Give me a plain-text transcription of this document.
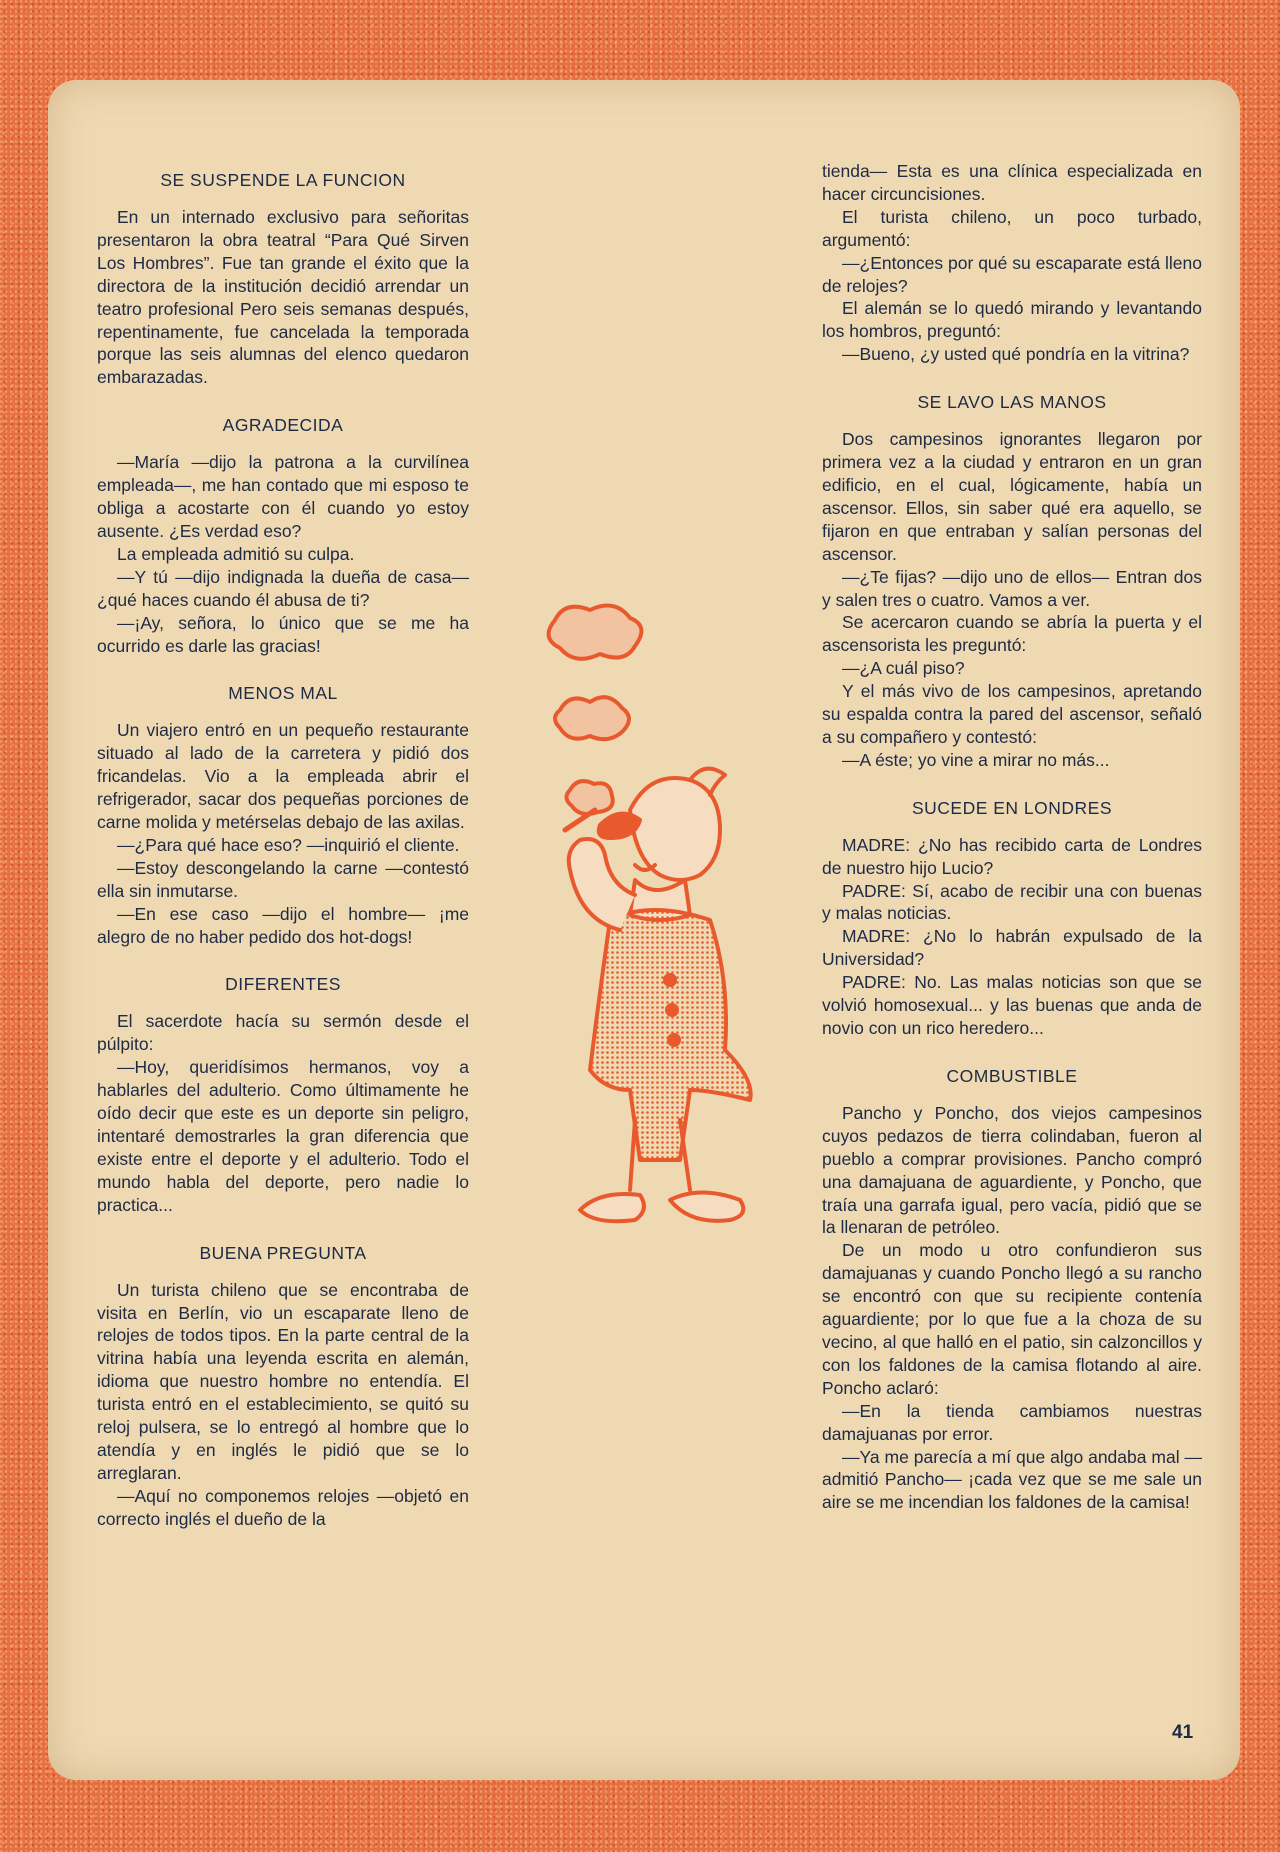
SE SUSPENDE LA FUNCION

En un internado exclusivo para señoritas presentaron la obra teatral “Para Qué Sirven Los Hombres”. Fue tan grande el éxito que la directora de la institución decidió arrendar un teatro profesional Pero seis semanas después, repentinamente, fue cancelada la temporada porque las seis alumnas del elenco quedaron embarazadas.

AGRADECIDA

—María —dijo la patrona a la curvilínea empleada—, me han contado que mi esposo te obliga a acostarte con él cuando yo estoy ausente. ¿Es verdad eso?

La empleada admitió su culpa.

—Y tú —dijo indignada la dueña de casa— ¿qué haces cuando él abusa de ti?

—¡Ay, señora, lo único que se me ha ocurrido es darle las gracias!

MENOS MAL

Un viajero entró en un pequeño restaurante situado al lado de la carretera y pidió dos fricandelas. Vio a la empleada abrir el refrigerador, sacar dos pequeñas porciones de carne molida y metérselas debajo de las axilas.

—¿Para qué hace eso? —inquirió el cliente.

—Estoy descongelando la carne —contestó ella sin inmutarse.

—En ese caso —dijo el hombre— ¡me alegro de no haber pedido dos hot-dogs!

DIFERENTES

El sacerdote hacía su sermón desde el púlpito:

—Hoy, queridísimos hermanos, voy a hablarles del adulterio. Como últimamente he oído decir que este es un deporte sin peligro, intentaré demostrarles la gran diferencia que existe entre el deporte y el adulterio. Todo el mundo habla del deporte, pero nadie lo practica...

BUENA PREGUNTA

Un turista chileno que se encontraba de visita en Berlín, vio un escaparate lleno de relojes de todos tipos. En la parte central de la vitrina había una leyenda escrita en alemán, idioma que nuestro hombre no entendía. El turista entró en el establecimiento, se quitó su reloj pulsera, se lo entregó al hombre que lo atendía y en inglés le pidió que se lo arreglaran.

—Aquí no componemos relojes —objetó en correcto inglés el dueño de la

tienda— Esta es una clínica especializada en hacer circuncisiones.

El turista chileno, un poco turbado, argumentó:

—¿Entonces por qué su escaparate está lleno de relojes?

El alemán se lo quedó mirando y levantando los hombros, preguntó:

—Bueno, ¿y usted qué pondría en la vitrina?

SE LAVO LAS MANOS

Dos campesinos ignorantes llegaron por primera vez a la ciudad y entraron en un gran edificio, en el cual, lógicamente, había un ascensor. Ellos, sin saber qué era aquello, se fijaron en que entraban y salían personas del ascensor.

—¿Te fijas? —dijo uno de ellos— Entran dos y salen tres o cuatro. Vamos a ver.

Se acercaron cuando se abría la puerta y el ascensorista les preguntó:

—¿A cuál piso?

Y el más vivo de los campesinos, apretando su espalda contra la pared del ascensor, señaló a su compañero y contestó:

—A éste; yo vine a mirar no más...

SUCEDE EN LONDRES

MADRE: ¿No has recibido carta de Londres de nuestro hijo Lucio?

PADRE: Sí, acabo de recibir una con buenas y malas noticias.

MADRE: ¿No lo habrán expulsado de la Universidad?

PADRE: No. Las malas noticias son que se volvió homosexual... y las buenas que anda de novio con un rico heredero...

COMBUSTIBLE

Pancho y Poncho, dos viejos campesinos cuyos pedazos de tierra colindaban, fueron al pueblo a comprar provisiones. Pancho compró una damajuana de aguardiente, y Poncho, que traía una garrafa igual, pero vacía, pidió que se la llenaran de petróleo.

De un modo u otro confundieron sus damajuanas y cuando Poncho llegó a su rancho se encontró con que su recipiente contenía aguardiente; por lo que fue a la choza de su vecino, al que halló en el patio, sin calzoncillos y con los faldones de la camisa flotando al aire. Poncho aclaró:

—En la tienda cambiamos nuestras damajuanas por error.

—Ya me parecía a mí que algo andaba mal —admitió Pancho— ¡cada vez que se me sale un aire se me incendian los faldones de la camisa!

41
